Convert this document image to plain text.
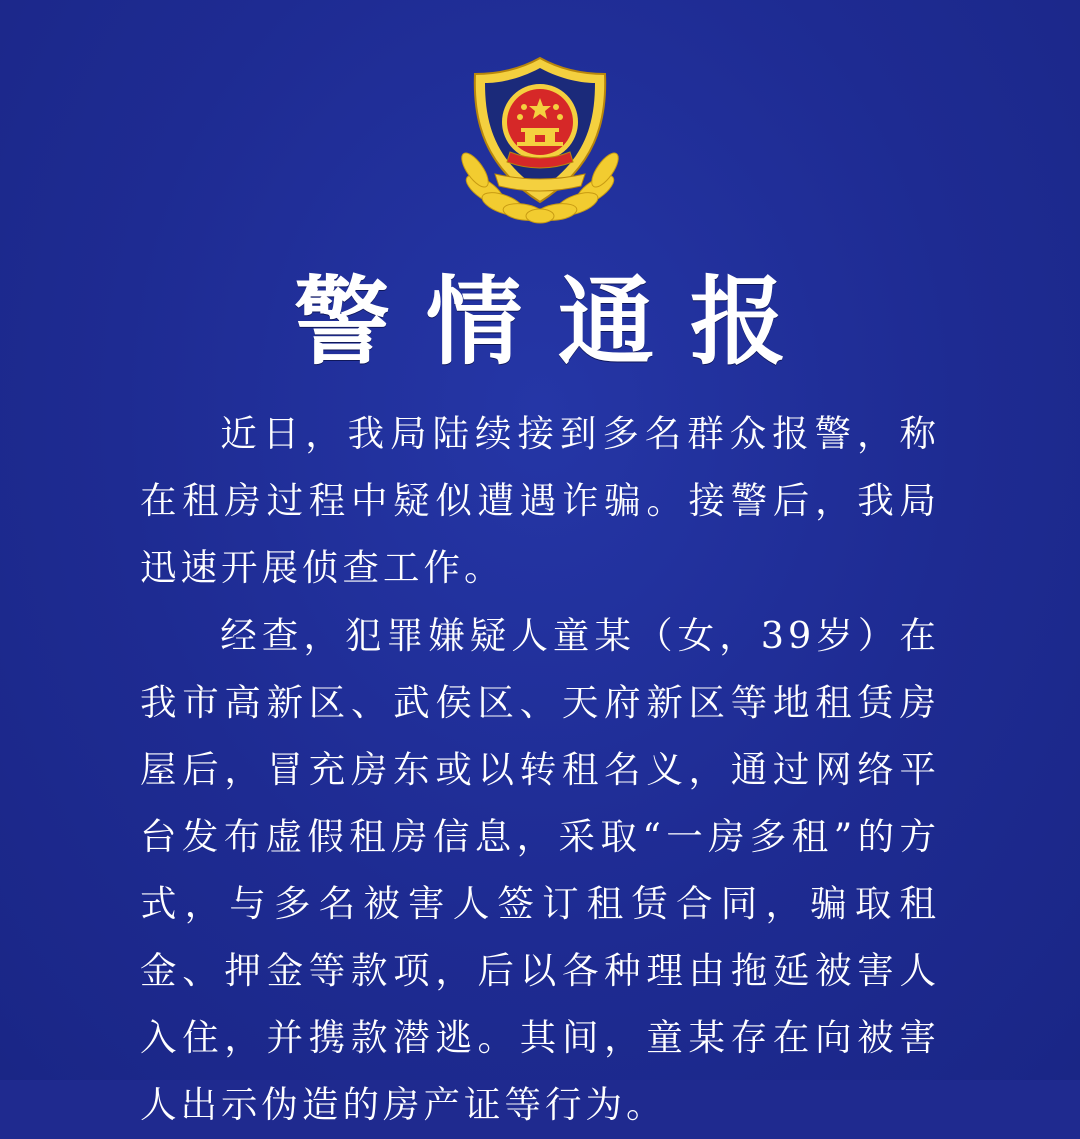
警情通报

近日，我局陆续接到多名群众报警，称在租房过程中疑似遭遇诈骗。接警后，我局迅速开展侦查工作。

经查，犯罪嫌疑人童某（女，39岁）在我市高新区、武侯区、天府新区等地租赁房屋后，冒充房东或以转租名义，通过网络平台发布虚假租房信息，采取“一房多租”的方式，与多名被害人签订租赁合同，骗取租金、押金等款项，后以各种理由拖延被害人入住，并携款潜逃。其间，童某存在向被害人出示伪造的房产证等行为。
